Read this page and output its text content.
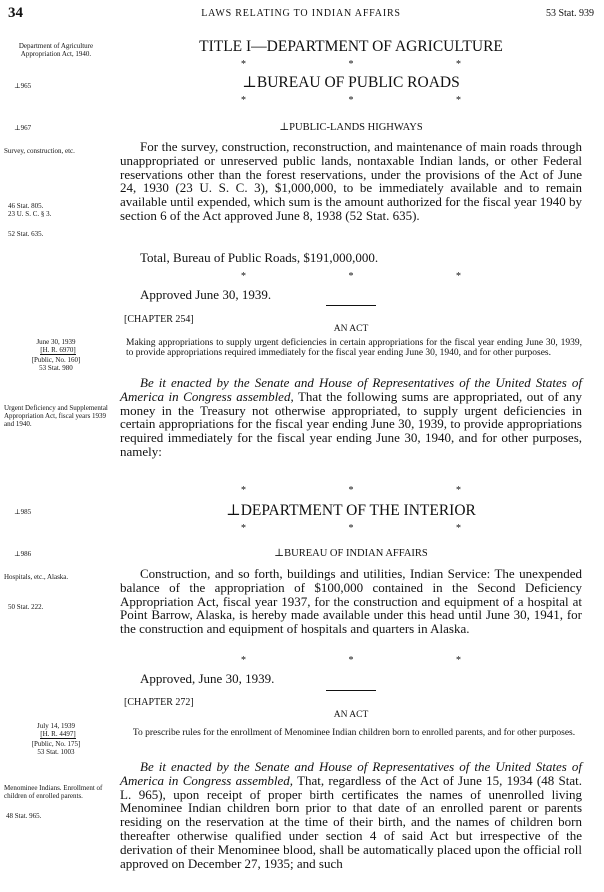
34	LAWS RELATING TO INDIAN AFFAIRS	53 Stat. 939
Department of Agriculture Appropriation Act, 1940.
⊥965
⊥967
Survey, construction, etc.
46 Stat. 805.
23 U. S. C. § 3.
52 Stat. 635.
June 30, 1939
[H. R. 6970]
[Public, No. 160]
53 Stat. 980
Urgent Deficiency and Supplemental Appropriation Act, fiscal years 1939 and 1940.
⊥985
⊥986
Hospitals, etc., Alaska.
50 Stat. 222.
July 14, 1939
[H. R. 4497]
[Public, No. 175]
53 Stat. 1003
Menominee Indians. Enrollment of children of enrolled parents.
48 Stat. 965.
TITLE I—DEPARTMENT OF AGRICULTURE
* * *
⊥BUREAU OF PUBLIC ROADS
* * *
⊥PUBLIC-LANDS HIGHWAYS
For the survey, construction, reconstruction, and maintenance of main roads through unappropriated or unreserved public lands, nontaxable Indian lands, or other Federal reservations other than the forest reservations, under the provisions of the Act of June 24, 1930 (23 U. S. C. 3), $1,000,000, to be immediately available and to remain available until expended, which sum is the amount authorized for the fiscal year 1940 by section 6 of the Act approved June 8, 1938 (52 Stat. 635).
Total, Bureau of Public Roads, $191,000,000.
* * *
Approved June 30, 1939.
[CHAPTER 254]
AN ACT
Making appropriations to supply urgent deficiencies in certain appropriations for the fiscal year ending June 30, 1939, to provide appropriations required immediately for the fiscal year ending June 30, 1940, and for other purposes.
Be it enacted by the Senate and House of Representatives of the United States of America in Congress assembled, That the following sums are appropriated, out of any money in the Treasury not otherwise appropriated, to supply urgent deficiencies in certain appropriations for the fiscal year ending June 30, 1939, to provide appropriations required immediately for the fiscal year ending June 30, 1940, and for other purposes, namely:
* * *
⊥DEPARTMENT OF THE INTERIOR
* * *
⊥BUREAU OF INDIAN AFFAIRS
Construction, and so forth, buildings and utilities, Indian Service: The unexpended balance of the appropriation of $100,000 contained in the Second Deficiency Appropriation Act, fiscal year 1937, for the construction and equipment of a hospital at Point Barrow, Alaska, is hereby made available under this head until June 30, 1941, for the construction and equipment of hospitals and quarters in Alaska.
* * *
Approved, June 30, 1939.
[CHAPTER 272]
AN ACT
To prescribe rules for the enrollment of Menominee Indian children born to enrolled parents, and for other purposes.
Be it enacted by the Senate and House of Representatives of the United States of America in Congress assembled, That, regardless of the Act of June 15, 1934 (48 Stat. L. 965), upon receipt of proper birth certificates the names of unenrolled living Menominee Indian children born prior to that date of an enrolled parent or parents residing on the reservation at the time of their birth, and the names of children born thereafter otherwise qualified under section 4 of said Act but irrespective of the derivation of their Menominee blood, shall be automatically placed upon the official roll approved on December 27, 1935; and such
